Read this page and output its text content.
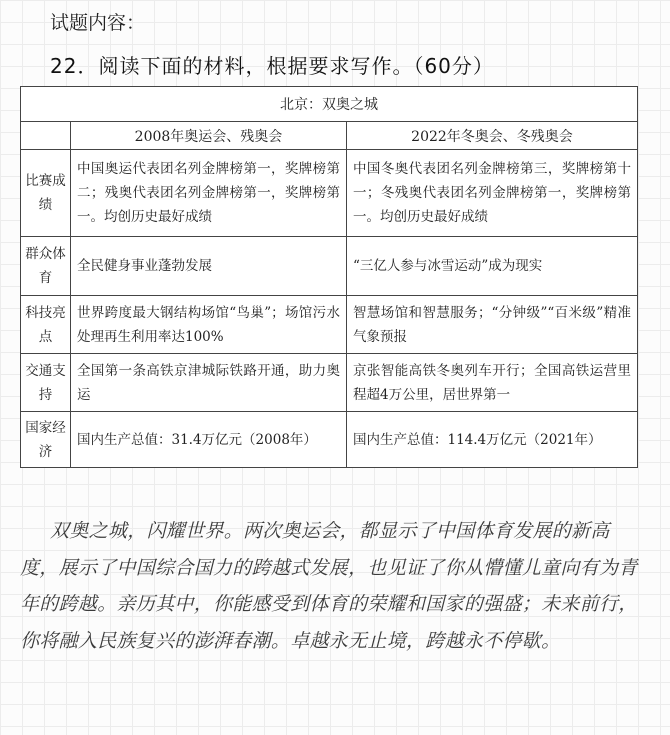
试题内容：
22．阅读下面的材料，根据要求写作。（60分）
北京：双奥之城		
	2008年奥运会、残奥会	2022年冬奥会、冬残奥会
比赛成绩	中国奥运代表团名列金牌榜第一，奖牌榜第二；残奥代表团名列金牌榜第一，奖牌榜第一。均创历史最好成绩	中国冬奥代表团名列金牌榜第三，奖牌榜第十一；冬残奥代表团名列金牌榜第一，奖牌榜第一。均创历史最好成绩
群众体育	全民健身事业蓬勃发展	“三亿人参与冰雪运动”成为现实
科技亮点	世界跨度最大钢结构场馆“鸟巢”；场馆污水处理再生利用率达100%	智慧场馆和智慧服务；“分钟级”“百米级”精准气象预报
交通支持	全国第一条高铁京津城际铁路开通，助力奥运	京张智能高铁冬奥列车开行；全国高铁运营里程超4万公里，居世界第一
国家经济	国内生产总值：31.4万亿元（2008年）	国内生产总值：114.4万亿元（2021年）
双奥之城，闪耀世界。两次奥运会，都显示了中国体育发展的新高度，展示了中国综合国力的跨越式发展，也见证了你从懵懂儿童向有为青年的跨越。亲历其中，你能感受到体育的荣耀和国家的强盛；未来前行，你将融入民族复兴的澎湃春潮。卓越永无止境，跨越永不停歇。
